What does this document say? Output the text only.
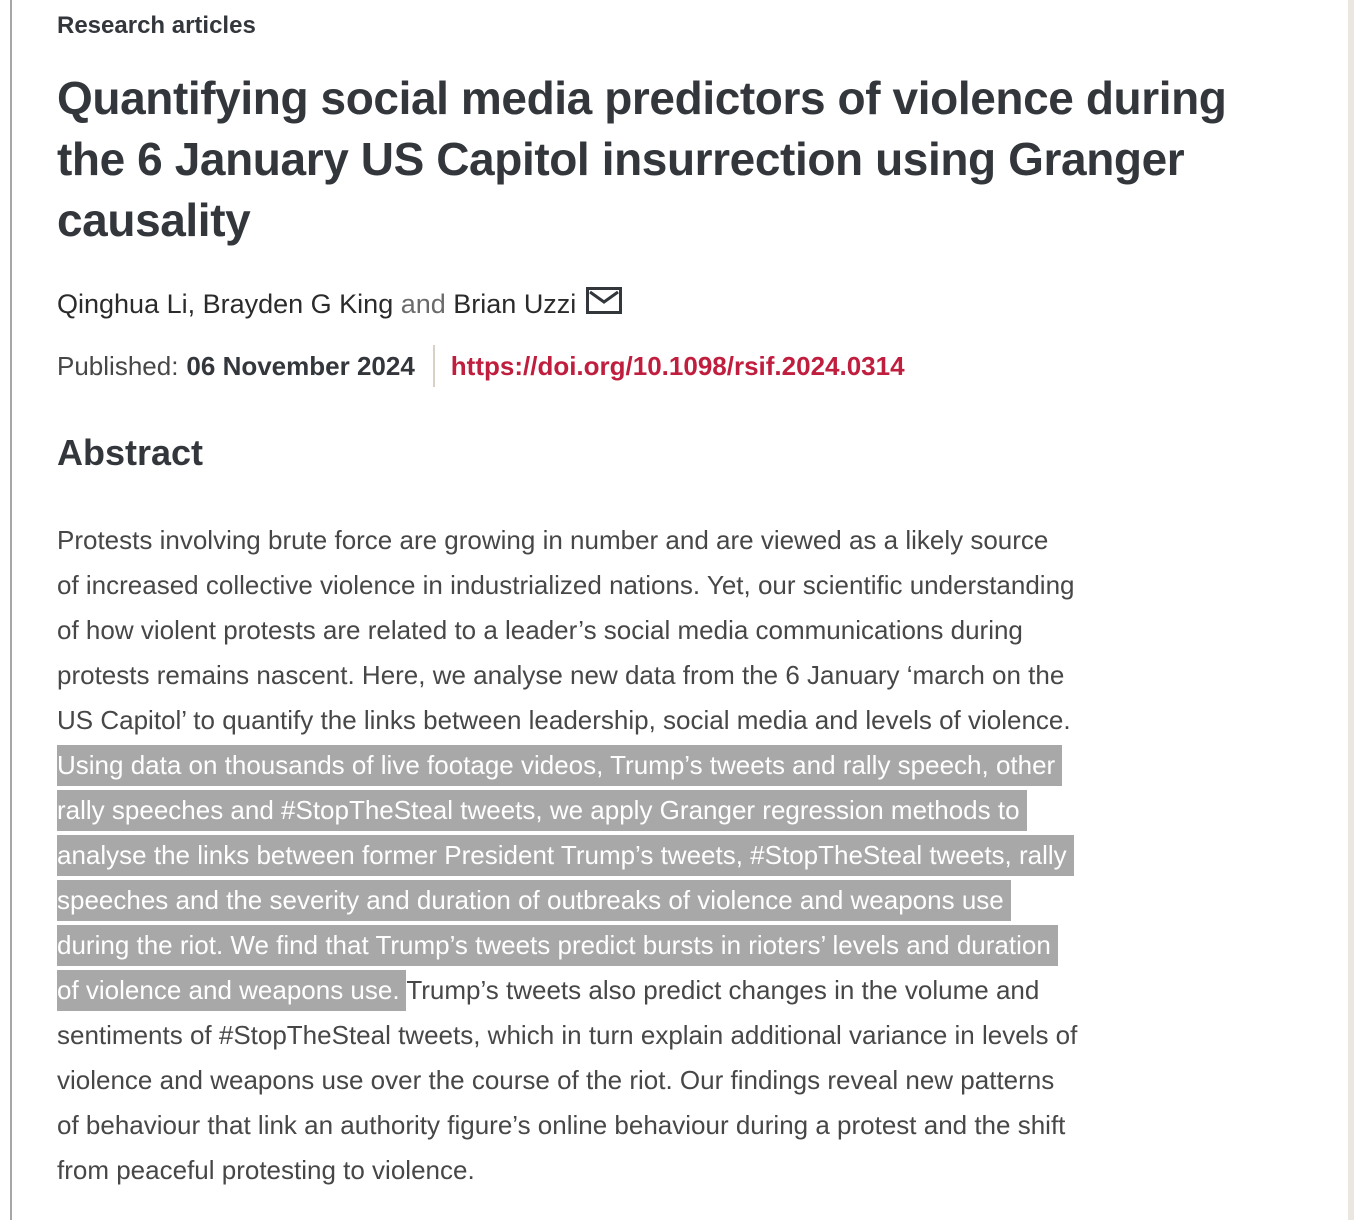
Research articles
Quantifying social media predictors of violence during the 6 January US Capitol insurrection using Granger causality
Qinghua Li, Brayden G King and Brian Uzzi
Published: 06 November 2024 https://doi.org/10.1098/rsif.2024.0314
Abstract
Protests involving brute force are growing in number and are viewed as a likely source
of increased collective violence in industrialized nations. Yet, our scientific understanding
of how violent protests are related to a leader’s social media communications during
protests remains nascent. Here, we analyse new data from the 6 January ‘march on the
US Capitol’ to quantify the links between leadership, social media and levels of violence.
Using data on thousands of live footage videos, Trump’s tweets and rally speech, other
rally speeches and #StopTheSteal tweets, we apply Granger regression methods to
analyse the links between former President Trump’s tweets, #StopTheSteal tweets, rally
speeches and the severity and duration of outbreaks of violence and weapons use
during the riot. We find that Trump’s tweets predict bursts in rioters’ levels and duration
of violence and weapons use. Trump’s tweets also predict changes in the volume and
sentiments of #StopTheSteal tweets, which in turn explain additional variance in levels of
violence and weapons use over the course of the riot. Our findings reveal new patterns
of behaviour that link an authority figure’s online behaviour during a protest and the shift
from peaceful protesting to violence.
